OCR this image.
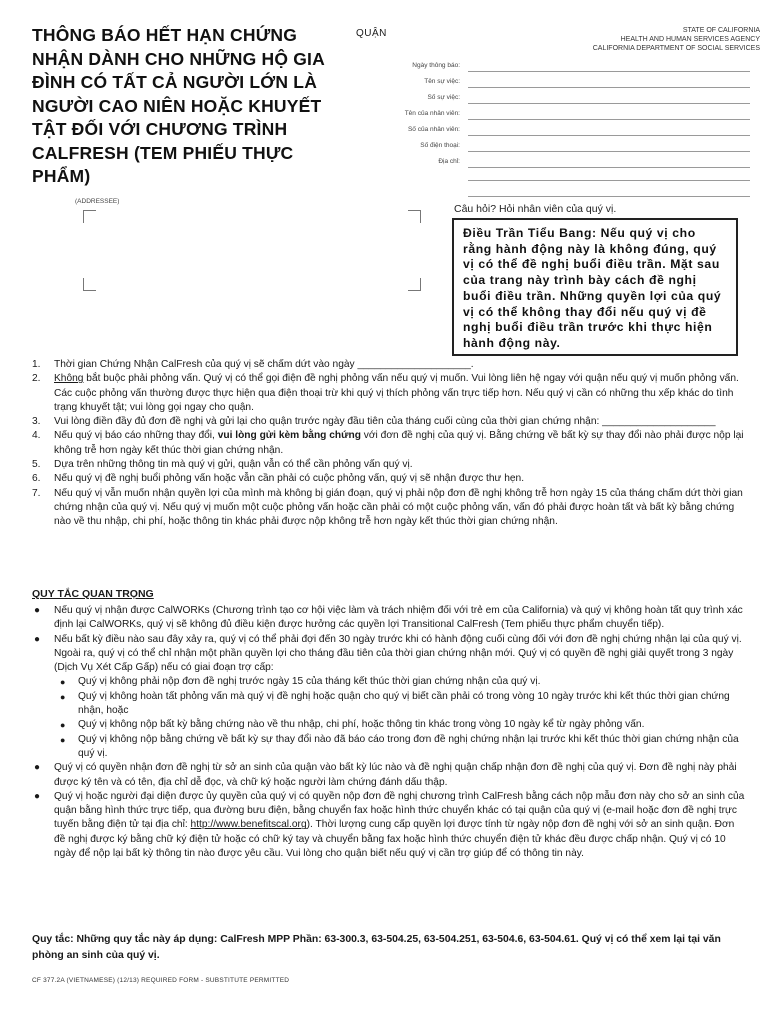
THÔNG BÁO HẾT HẠN CHỨNG NHẬN DÀNH CHO NHỮNG HỘ GIA ĐÌNH CÓ TẤT CẢ NGƯỜI LỚN LÀ NGƯỜI CAO NIÊN HOẶC KHUYẾT TẬT ĐỐI VỚI CHƯƠNG TRÌNH CALFRESH (TEM PHIẾU THỰC PHẨM)
QUẬN	STATE OF CALIFORNIA
HEALTH AND HUMAN SERVICES AGENCY
CALIFORNIA DEPARTMENT OF SOCIAL SERVICES
Ngày thông báo:
Tên sự việc:
Số sự việc:
Tên của nhân viên:
Số của nhân viên:
Số điện thoại:
Địa chỉ:
(ADDRESSEE)
Câu hỏi? Hỏi nhân viên của quý vị.
Điều Trần Tiểu Bang: Nếu quý vị cho rằng hành động này là không đúng, quý vị có thể đề nghị buổi điều trần. Mặt sau của trang này trình bày cách đề nghị buổi điều trần. Những quyền lợi của quý vị có thể không thay đổi nếu quý vị đề nghị buổi điều trần trước khi thực hiện hành động này.
1. Thời gian Chứng Nhận CalFresh của quý vị sẽ chấm dứt vào ngày ____________________.
2. Không bắt buộc phải phỏng vấn. Quý vị có thể gọi điện đề nghị phỏng vấn nếu quý vị muốn. Vui lòng liên hệ ngay với quận nếu quý vị muốn phỏng vấn. Các cuộc phỏng vấn thường được thực hiện qua điện thoại trừ khi quý vị thích phỏng vấn trực tiếp hơn. Nếu quý vị cần có những thu xếp khác do tình trạng khuyết tật; vui lòng gọi ngay cho quận.
3. Vui lòng điền đầy đủ đơn đề nghị và gửi lại cho quận trước ngày đầu tiên của tháng cuối cùng của thời gian chứng nhận: ____________________
4. Nếu quý vị báo cáo những thay đổi, vui lòng gửi kèm bằng chứng với đơn đề nghị của quý vị. Bằng chứng về bất kỳ sự thay đổi nào phải được nộp lại không trễ hơn ngày kết thúc thời gian chứng nhận.
5. Dựa trên những thông tin mà quý vị gửi, quận vẫn có thể cần phỏng vấn quý vị.
6. Nếu quý vị đề nghị buổi phỏng vấn hoặc vẫn cần phải có cuộc phỏng vấn, quý vị sẽ nhận được thư hẹn.
7. Nếu quý vị vẫn muốn nhận quyền lợi của mình mà không bị gián đoạn, quý vị phải nộp đơn đề nghị không trễ hơn ngày 15 của tháng chấm dứt thời gian chứng nhận của quý vị. Nếu quý vị muốn một cuộc phỏng vấn hoặc cần phải có một cuộc phỏng vấn, vấn đó phải được hoàn tất và bất kỳ bằng chứng nào về thu nhập, chi phí, hoặc thông tin khác phải được nộp không trễ hơn ngày kết thúc thời gian chứng nhận.
QUY TẮC QUAN TRỌNG
● Nếu quý vị nhận được CalWORKs (Chương trình tạo cơ hội việc làm và trách nhiệm đối với trẻ em của California) và quý vị không hoàn tất quy trình xác định lại CalWORKs, quý vị sẽ không đủ điều kiện được hưởng các quyền lợi Transitional CalFresh (Tem phiếu thực phẩm chuyển tiếp).
● Nếu bất kỳ điều nào sau đây xảy ra, quý vị có thể phải đợi đến 30 ngày trước khi có hành động cuối cùng đối với đơn đề nghị chứng nhận lại của quý vị. Ngoài ra, quý vị có thể chỉ nhận một phần quyền lợi cho tháng đầu tiên của thời gian chứng nhận mới. Quý vị có quyền đề nghị giải quyết trong 3 ngày (Dịch Vụ Xét Cấp Gấp) nếu có giai đoạn trợ cấp:
● Quý vị không phải nộp đơn đề nghị trước ngày 15 của tháng kết thúc thời gian chứng nhận của quý vị.
● Quý vị không hoàn tất phỏng vấn mà quý vị đề nghị hoặc quận cho quý vị biết cần phải có trong vòng 10 ngày trước khi kết thúc thời gian chứng nhận, hoặc
● Quý vị không nộp bất kỳ bằng chứng nào về thu nhập, chi phí, hoặc thông tin khác trong vòng 10 ngày kể từ ngày phỏng vấn.
● Quý vị không nộp bằng chứng về bất kỳ sự thay đổi nào đã báo cáo trong đơn đề nghị chứng nhận lại trước khi kết thúc thời gian chứng nhận của quý vị.
● Quý vị có quyền nhận đơn đề nghị từ sở an sinh của quận vào bất kỳ lúc nào và đề nghị quận chấp nhận đơn đề nghị của quý vị. Đơn đề nghị này phải được ký tên và có tên, địa chỉ dễ đọc, và chữ ký hoặc người làm chứng đánh dấu thập.
● Quý vị hoặc người đại diện được ủy quyền của quý vị có quyền nộp đơn đề nghị chương trình CalFresh bằng cách nộp mẫu đơn này cho sở an sinh của quận bằng hình thức trực tiếp, qua đường bưu điện, bằng chuyển fax hoặc hình thức chuyển khác có tại quận của quý vị (e-mail hoặc đơn đề nghị trực tuyến bằng điện tử tại địa chỉ: http://www.benefitscal.org). Thời lượng cung cấp quyền lợi được tính từ ngày nộp đơn đề nghị với sở an sinh quận. Đơn đề nghị được ký bằng chữ ký điện tử hoặc có chữ ký tay và chuyển bằng fax hoặc hình thức chuyển điện tử khác đều được chấp nhận. Quý vị có 10 ngày để nộp lại bất kỳ thông tin nào được yêu cầu. Vui lòng cho quận biết nếu quý vị cần trợ giúp để có thông tin này.
Quy tắc: Những quy tắc này áp dụng: CalFresh MPP Phần: 63-300.3, 63-504.25, 63-504.251, 63-504.6, 63-504.61. Quý vị có thể xem lại tại văn phòng an sinh của quý vị.
CF 377.2A (VIETNAMESE) (12/13) REQUIRED FORM - SUBSTITUTE PERMITTED
